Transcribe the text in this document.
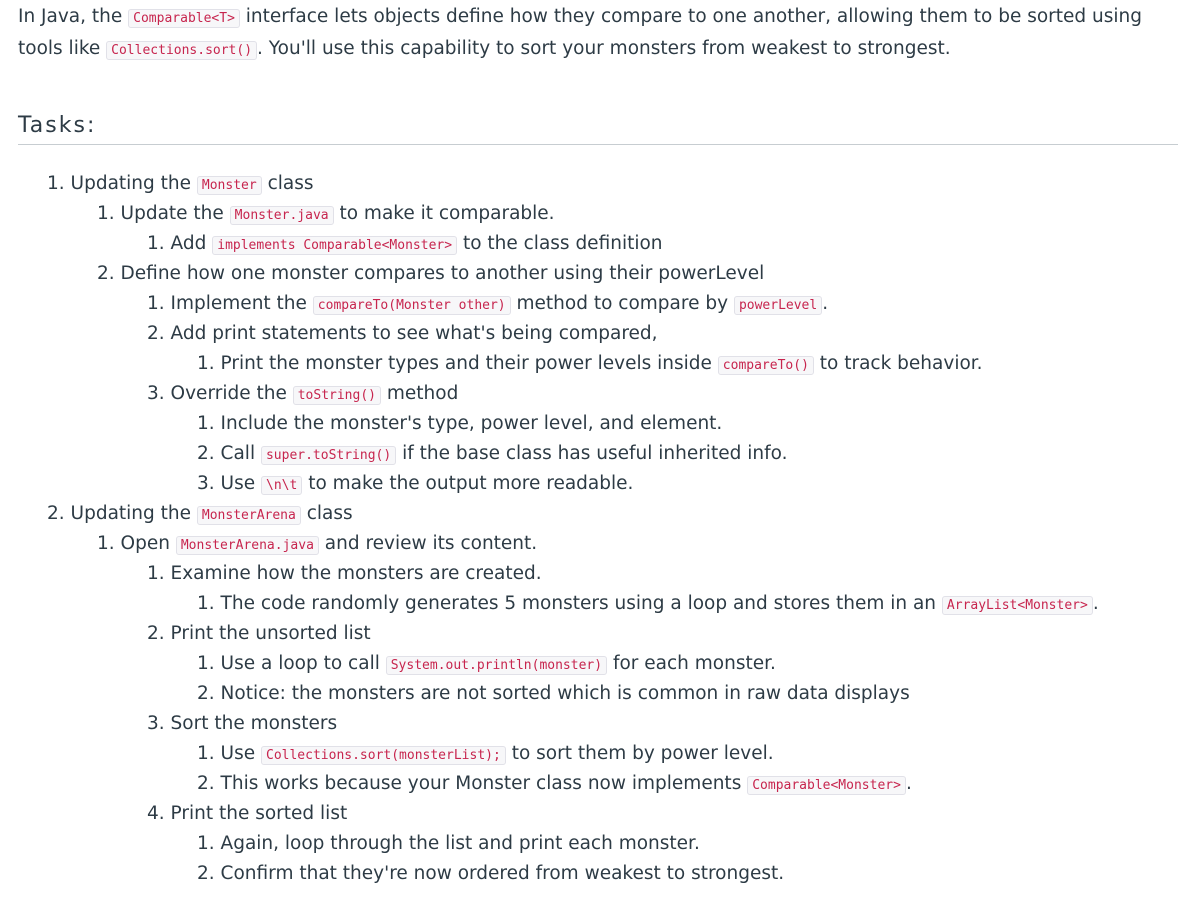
In Java, the Comparable<T> interface lets objects define how they compare to one another, allowing them to be sorted using tools like Collections.sort() . You'll use this capability to sort your monsters from weakest to strongest.

Tasks:
1. Updating the Monster class
1. Update the Monster.java to make it comparable.
1. Add implements Comparable<Monster> to the class definition
2. Define how one monster compares to another using their powerLevel
1. Implement the compareTo(Monster other) method to compare by powerLevel .
2. Add print statements to see what's being compared,
1. Print the monster types and their power levels inside compareTo() to track behavior.
3. Override the toString() method
1. Include the monster's type, power level, and element.
2. Call super.toString() if the base class has useful inherited info.
3. Use \n\t to make the output more readable.
2. Updating the MonsterArena class
1. Open MonsterArena.java and review its content.
1. Examine how the monsters are created.
1. The code randomly generates 5 monsters using a loop and stores them in an ArrayList<Monster> .
2. Print the unsorted list
1. Use a loop to call System.out.println(monster) for each monster.
2. Notice: the monsters are not sorted which is common in raw data displays
3. Sort the monsters
1. Use Collections.sort(monsterList); to sort them by power level.
2. This works because your Monster class now implements Comparable<Monster> .
4. Print the sorted list
1. Again, loop through the list and print each monster.
2. Confirm that they're now ordered from weakest to strongest.
